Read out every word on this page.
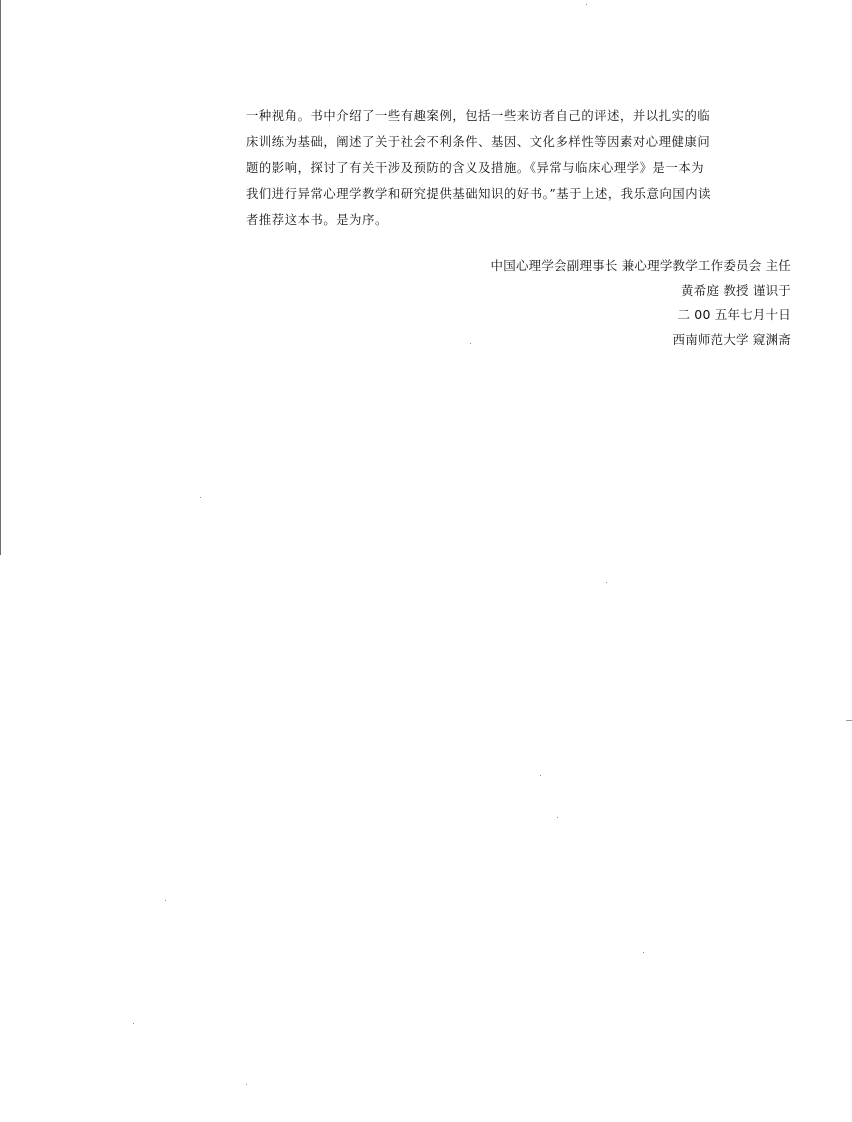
一种视角。书中介绍了一些有趣案例，包括一些来访者自己的评述，并以扎实的临
床训练为基础，阐述了关于社会不利条件、基因、文化多样性等因素对心理健康问
题的影响，探讨了有关干涉及预防的含义及措施。《异常与临床心理学》是一本为
我们进行异常心理学教学和研究提供基础知识的好书。”基于上述，我乐意向国内读
者推荐这本书。是为序。
中国心理学会副理事长 兼心理学教学工作委员会 主任
黄希庭 教授 谨识于
二 00 五年七月十日
西南师范大学 窥渊斋
